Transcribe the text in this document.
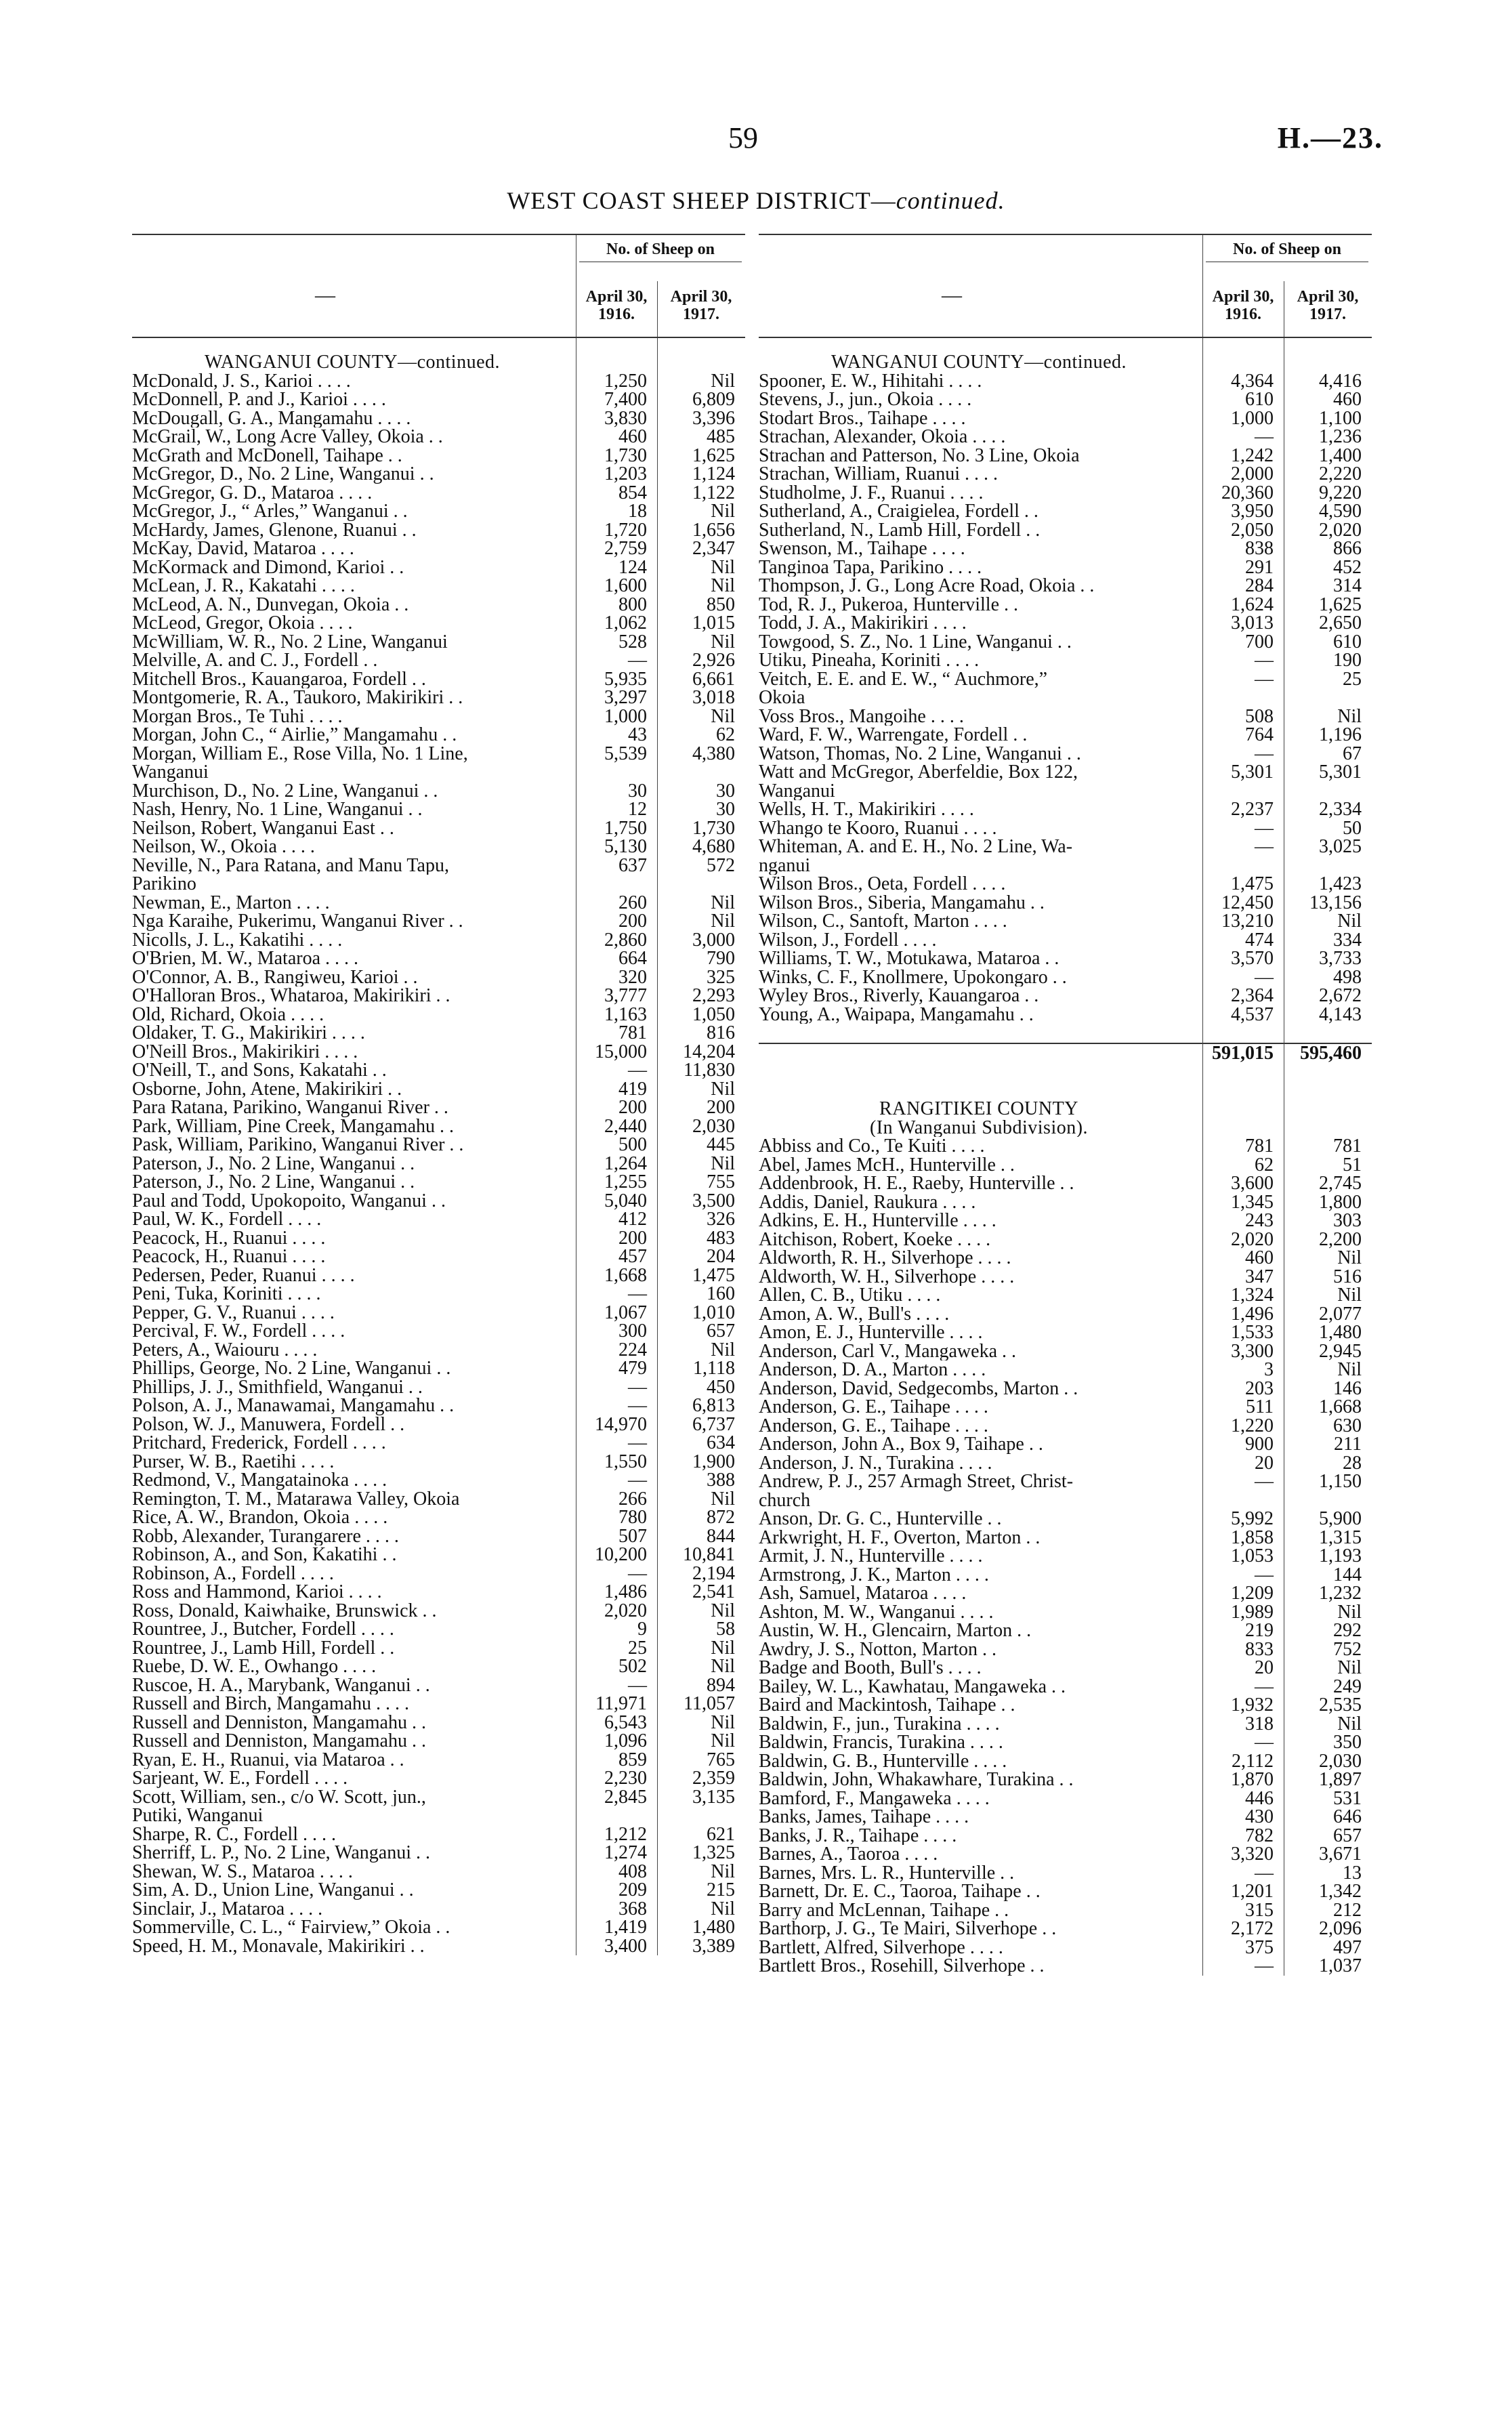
59	H.—23.
WEST COAST SHEEP DISTRICT—continued.
—
No. of Sheep on
April 30, 1916.
April 30, 1917.
WANGANUI COUNTY—continued.
McDonald, J. S., Karioi . . . .	1,250	Nil
McDonnell, P. and J., Karioi . . . .	7,400	6,809
McDougall, G. A., Mangamahu . . . .	3,830	3,396
McGrail, W., Long Acre Valley, Okoia . .	460	485
McGrath and McDonell, Taihape . .	1,730	1,625
McGregor, D., No. 2 Line, Wanganui . .	1,203	1,124
McGregor, G. D., Mataroa . . . .	854	1,122
McGregor, J., “ Arles,” Wanganui . .	18	Nil
McHardy, James, Glenone, Ruanui . .	1,720	1,656
McKay, David, Mataroa . . . .	2,759	2,347
McKormack and Dimond, Karioi . .	124	Nil
McLean, J. R., Kakatahi . . . .	1,600	Nil
McLeod, A. N., Dunvegan, Okoia . .	800	850
McLeod, Gregor, Okoia . . . .	1,062	1,015
McWilliam, W. R., No. 2 Line, Wanganui	528	Nil
Melville, A. and C. J., Fordell . .	—	2,926
Mitchell Bros., Kauangaroa, Fordell . .	5,935	6,661
Montgomerie, R. A., Taukoro, Makirikiri . .	3,297	3,018
Morgan Bros., Te Tuhi . . . .	1,000	Nil
Morgan, John C., “ Airlie,” Mangamahu . .	43	62
Morgan, William E., Rose Villa, No. 1 Line,	5,539	4,380
Wanganui
Murchison, D., No. 2 Line, Wanganui . .	30	30
Nash, Henry, No. 1 Line, Wanganui . .	12	30
Neilson, Robert, Wanganui East . .	1,750	1,730
Neilson, W., Okoia . . . .	5,130	4,680
Neville, N., Para Ratana, and Manu Tapu,	637	572
Parikino
Newman, E., Marton . . . .	260	Nil
Nga Karaihe, Pukerimu, Wanganui River . .	200	Nil
Nicolls, J. L., Kakatihi . . . .	2,860	3,000
O'Brien, M. W., Mataroa . . . .	664	790
O'Connor, A. B., Rangiweu, Karioi . .	320	325
O'Halloran Bros., Whataroa, Makirikiri . .	3,777	2,293
Old, Richard, Okoia . . . .	1,163	1,050
Oldaker, T. G., Makirikiri . . . .	781	816
O'Neill Bros., Makirikiri . . . .	15,000	14,204
O'Neill, T., and Sons, Kakatahi . .	—	11,830
Osborne, John, Atene, Makirikiri . .	419	Nil
Para Ratana, Parikino, Wanganui River . .	200	200
Park, William, Pine Creek, Mangamahu . .	2,440	2,030
Pask, William, Parikino, Wanganui River . .	500	445
Paterson, J., No. 2 Line, Wanganui . .	1,264	Nil
Paterson, J., No. 2 Line, Wanganui . .	1,255	755
Paul and Todd, Upokopoito, Wanganui . .	5,040	3,500
Paul, W. K., Fordell . . . .	412	326
Peacock, H., Ruanui . . . .	200	483
Peacock, H., Ruanui . . . .	457	204
Pedersen, Peder, Ruanui . . . .	1,668	1,475
Peni, Tuka, Koriniti . . . .	—	160
Pepper, G. V., Ruanui . . . .	1,067	1,010
Percival, F. W., Fordell . . . .	300	657
Peters, A., Waiouru . . . .	224	Nil
Phillips, George, No. 2 Line, Wanganui . .	479	1,118
Phillips, J. J., Smithfield, Wanganui . .	—	450
Polson, A. J., Manawamai, Mangamahu . .	—	6,813
Polson, W. J., Manuwera, Fordell . .	14,970	6,737
Pritchard, Frederick, Fordell . . . .	—	634
Purser, W. B., Raetihi . . . .	1,550	1,900
Redmond, V., Mangatainoka . . . .	—	388
Remington, T. M., Matarawa Valley, Okoia	266	Nil
Rice, A. W., Brandon, Okoia . . . .	780	872
Robb, Alexander, Turangarere . . . .	507	844
Robinson, A., and Son, Kakatihi . .	10,200	10,841
Robinson, A., Fordell . . . .	—	2,194
Ross and Hammond, Karioi . . . .	1,486	2,541
Ross, Donald, Kaiwhaike, Brunswick . .	2,020	Nil
Rountree, J., Butcher, Fordell . . . .	9	58
Rountree, J., Lamb Hill, Fordell . .	25	Nil
Ruebe, D. W. E., Owhango . . . .	502	Nil
Ruscoe, H. A., Marybank, Wanganui . .	—	894
Russell and Birch, Mangamahu . . . .	11,971	11,057
Russell and Denniston, Mangamahu . .	6,543	Nil
Russell and Denniston, Mangamahu . .	1,096	Nil
Ryan, E. H., Ruanui, via Mataroa . .	859	765
Sarjeant, W. E., Fordell . . . .	2,230	2,359
Scott, William, sen., c/o W. Scott, jun.,	2,845	3,135
Putiki, Wanganui
Sharpe, R. C., Fordell . . . .	1,212	621
Sherriff, L. P., No. 2 Line, Wanganui . .	1,274	1,325
Shewan, W. S., Mataroa . . . .	408	Nil
Sim, A. D., Union Line, Wanganui . .	209	215
Sinclair, J., Mataroa . . . .	368	Nil
Sommerville, C. L., “ Fairview,” Okoia . .	1,419	1,480
Speed, H. M., Monavale, Makirikiri . .	3,400	3,389
—
No. of Sheep on
April 30, 1916.
April 30, 1917.
WANGANUI COUNTY—continued.
Spooner, E. W., Hihitahi . . . .	4,364	4,416
Stevens, J., jun., Okoia . . . .	610	460
Stodart Bros., Taihape . . . .	1,000	1,100
Strachan, Alexander, Okoia . . . .	—	1,236
Strachan and Patterson, No. 3 Line, Okoia	1,242	1,400
Strachan, William, Ruanui . . . .	2,000	2,220
Studholme, J. F., Ruanui . . . .	20,360	9,220
Sutherland, A., Craigielea, Fordell . .	3,950	4,590
Sutherland, N., Lamb Hill, Fordell . .	2,050	2,020
Swenson, M., Taihape . . . .	838	866
Tanginoa Tapa, Parikino . . . .	291	452
Thompson, J. G., Long Acre Road, Okoia . .	284	314
Tod, R. J., Pukeroa, Hunterville . .	1,624	1,625
Todd, J. A., Makirikiri . . . .	3,013	2,650
Towgood, S. Z., No. 1 Line, Wanganui . .	700	610
Utiku, Pineaha, Koriniti . . . .	—	190
Veitch, E. E. and E. W., “ Auchmore,”	—	25
Okoia
Voss Bros., Mangoihe . . . .	508	Nil
Ward, F. W., Warrengate, Fordell . .	764	1,196
Watson, Thomas, No. 2 Line, Wanganui . .	—	67
Watt and McGregor, Aberfeldie, Box 122,	5,301	5,301
Wanganui
Wells, H. T., Makirikiri . . . .	2,237	2,334
Whango te Kooro, Ruanui . . . .	—	50
Whiteman, A. and E. H., No. 2 Line, Wa-	—	3,025
nganui
Wilson Bros., Oeta, Fordell . . . .	1,475	1,423
Wilson Bros., Siberia, Mangamahu . .	12,450	13,156
Wilson, C., Santoft, Marton . . . .	13,210	Nil
Wilson, J., Fordell . . . .	474	334
Williams, T. W., Motukawa, Mataroa . .	3,570	3,733
Winks, C. F., Knollmere, Upokongaro . .	—	498
Wyley Bros., Riverly, Kauangaroa . .	2,364	2,672
Young, A., Waipapa, Mangamahu . .	4,537	4,143
591,015	595,460
RANGITIKEI COUNTY
(In Wanganui Subdivision).
Abbiss and Co., Te Kuiti . . . .	781	781
Abel, James McH., Hunterville . .	62	51
Addenbrook, H. E., Raeby, Hunterville . .	3,600	2,745
Addis, Daniel, Raukura . . . .	1,345	1,800
Adkins, E. H., Hunterville . . . .	243	303
Aitchison, Robert, Koeke . . . .	2,020	2,200
Aldworth, R. H., Silverhope . . . .	460	Nil
Aldworth, W. H., Silverhope . . . .	347	516
Allen, C. B., Utiku . . . .	1,324	Nil
Amon, A. W., Bull's . . . .	1,496	2,077
Amon, E. J., Hunterville . . . .	1,533	1,480
Anderson, Carl V., Mangaweka . .	3,300	2,945
Anderson, D. A., Marton . . . .	3	Nil
Anderson, David, Sedgecombs, Marton . .	203	146
Anderson, G. E., Taihape . . . .	511	1,668
Anderson, G. E., Taihape . . . .	1,220	630
Anderson, John A., Box 9, Taihape . .	900	211
Anderson, J. N., Turakina . . . .	20	28
Andrew, P. J., 257 Armagh Street, Christ-	—	1,150
church
Anson, Dr. G. C., Hunterville . .	5,992	5,900
Arkwright, H. F., Overton, Marton . .	1,858	1,315
Armit, J. N., Hunterville . . . .	1,053	1,193
Armstrong, J. K., Marton . . . .	—	144
Ash, Samuel, Mataroa . . . .	1,209	1,232
Ashton, M. W., Wanganui . . . .	1,989	Nil
Austin, W. H., Glencairn, Marton . .	219	292
Awdry, J. S., Notton, Marton . .	833	752
Badge and Booth, Bull's . . . .	20	Nil
Bailey, W. L., Kawhatau, Mangaweka . .	—	249
Baird and Mackintosh, Taihape . .	1,932	2,535
Baldwin, F., jun., Turakina . . . .	318	Nil
Baldwin, Francis, Turakina . . . .	—	350
Baldwin, G. B., Hunterville . . . .	2,112	2,030
Baldwin, John, Whakawhare, Turakina . .	1,870	1,897
Bamford, F., Mangaweka . . . .	446	531
Banks, James, Taihape . . . .	430	646
Banks, J. R., Taihape . . . .	782	657
Barnes, A., Taoroa . . . .	3,320	3,671
Barnes, Mrs. L. R., Hunterville . .	—	13
Barnett, Dr. E. C., Taoroa, Taihape . .	1,201	1,342
Barry and McLennan, Taihape . .	315	212
Barthorp, J. G., Te Mairi, Silverhope . .	2,172	2,096
Bartlett, Alfred, Silverhope . . . .	375	497
Bartlett Bros., Rosehill, Silverhope . .	—	1,037
